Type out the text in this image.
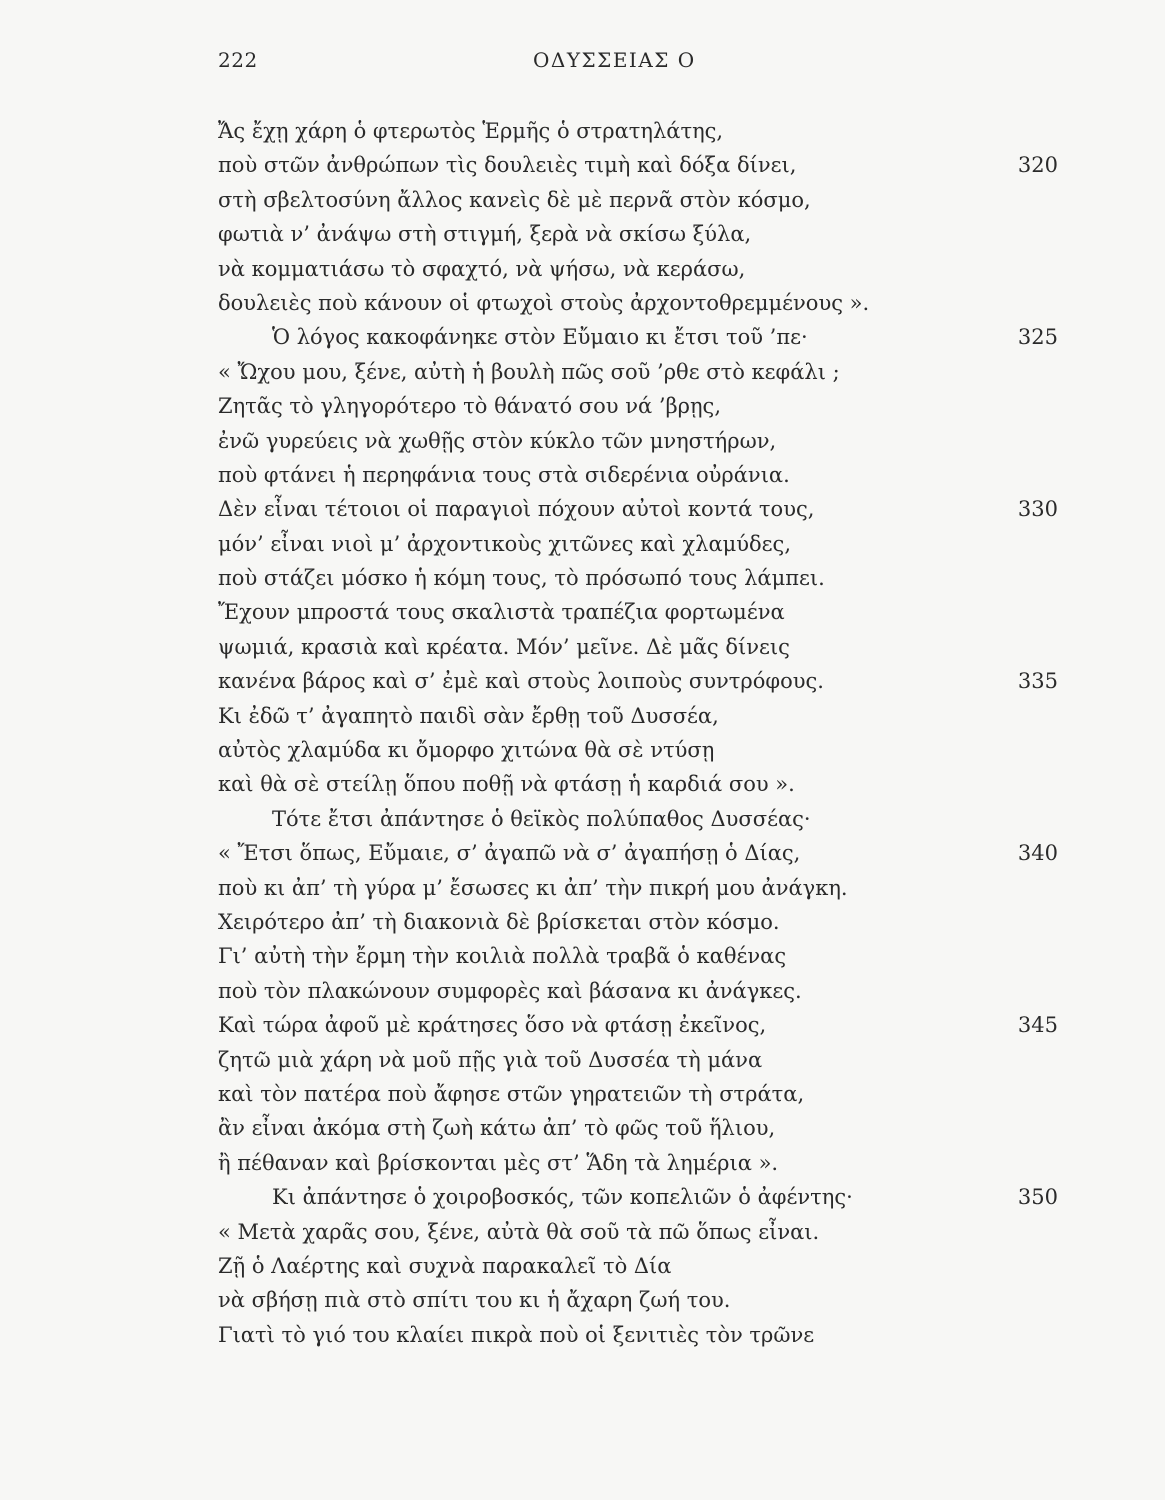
222	ΟΔΥΣΣΕΙΑΣ Ο
Ἄς ἔχῃ χάρη ὁ φτερωτὸς Ἑρμῆς ὁ στρατηλάτης,
ποὺ στῶν ἀνθρώπων τὶς δουλειὲς τιμὴ καὶ δόξα δίνει,	320
στὴ σβελτοσύνη ἄλλος κανεὶς δὲ μὲ περνᾶ στὸν κόσμο,
φωτιὰ ν’ ἀνάψω στὴ στιγμή, ξερὰ νὰ σκίσω ξύλα,
νὰ κομματιάσω τὸ σφαχτό, νὰ ψήσω, νὰ κεράσω,
δουλειὲς ποὺ κάνουν οἱ φτωχοὶ στοὺς ἀρχοντοθρεμμένους ».
Ὁ λόγος κακοφάνηκε στὸν Εὔμαιο κι ἔτσι τοῦ ’πε·	325
« Ὤχου μου, ξένε, αὐτὴ ἡ βουλὴ πῶς σοῦ ’ρθε στὸ κεφάλι ;
Ζητᾶς τὸ γληγορότερο τὸ θάνατό σου νά ’βρῃς,
ἐνῶ γυρεύεις νὰ χωθῇς στὸν κύκλο τῶν μνηστήρων,
ποὺ φτάνει ἡ περηφάνια τους στὰ σιδερένια οὐράνια.
Δὲν εἶναι τέτοιοι οἱ παραγιοὶ πόχουν αὐτοὶ κοντά τους,	330
μόν’ εἶναι νιοὶ μ’ ἀρχοντικοὺς χιτῶνες καὶ χλαμύδες,
ποὺ στάζει μόσκο ἡ κόμη τους, τὸ πρόσωπό τους λάμπει.
Ἔχουν μπροστά τους σκαλιστὰ τραπέζια φορτωμένα
ψωμιά, κρασιὰ καὶ κρέατα. Μόν’ μεῖνε. Δὲ μᾶς δίνεις
κανένα βάρος καὶ σ’ ἐμὲ καὶ στοὺς λοιποὺς συντρόφους.	335
Κι ἐδῶ τ’ ἀγαπητὸ παιδὶ σὰν ἔρθῃ τοῦ Δυσσέα,
αὐτὸς χλαμύδα κι ὄμορφο χιτώνα θὰ σὲ ντύσῃ
καὶ θὰ σὲ στείλῃ ὅπου ποθῇ νὰ φτάσῃ ἡ καρδιά σου ».
Τότε ἔτσι ἀπάντησε ὁ θεϊκὸς πολύπαθος Δυσσέας·
« Ἔτσι ὅπως, Εὔμαιε, σ’ ἀγαπῶ νὰ σ’ ἀγαπήσῃ ὁ Δίας,	340
ποὺ κι ἀπ’ τὴ γύρα μ’ ἔσωσες κι ἀπ’ τὴν πικρή μου ἀνάγκη.
Χειρότερο ἀπ’ τὴ διακονιὰ δὲ βρίσκεται στὸν κόσμο.
Γι’ αὐτὴ τὴν ἔρμη τὴν κοιλιὰ πολλὰ τραβᾶ ὁ καθένας
ποὺ τὸν πλακώνουν συμφορὲς καὶ βάσανα κι ἀνάγκες.
Καὶ τώρα ἀφοῦ μὲ κράτησες ὅσο νὰ φτάσῃ ἐκεῖνος,	345
ζητῶ μιὰ χάρη νὰ μοῦ πῇς γιὰ τοῦ Δυσσέα τὴ μάνα
καὶ τὸν πατέρα ποὺ ἄφησε στῶν γηρατειῶν τὴ στράτα,
ἂν εἶναι ἀκόμα στὴ ζωὴ κάτω ἀπ’ τὸ φῶς τοῦ ἥλιου,
ἢ πέθαναν καὶ βρίσκονται μὲς στ’ Ἅδη τὰ λημέρια ».
Κι ἀπάντησε ὁ χοιροβοσκός, τῶν κοπελιῶν ὁ ἀφέντης·	350
« Μετὰ χαρᾶς σου, ξένε, αὐτὰ θὰ σοῦ τὰ πῶ ὅπως εἶναι.
Ζῇ ὁ Λαέρτης καὶ συχνὰ παρακαλεῖ τὸ Δία
νὰ σβήσῃ πιὰ στὸ σπίτι του κι ἡ ἄχαρη ζωή του.
Γιατὶ τὸ γιό του κλαίει πικρὰ ποὺ οἱ ξενιτιὲς τὸν τρῶνε
